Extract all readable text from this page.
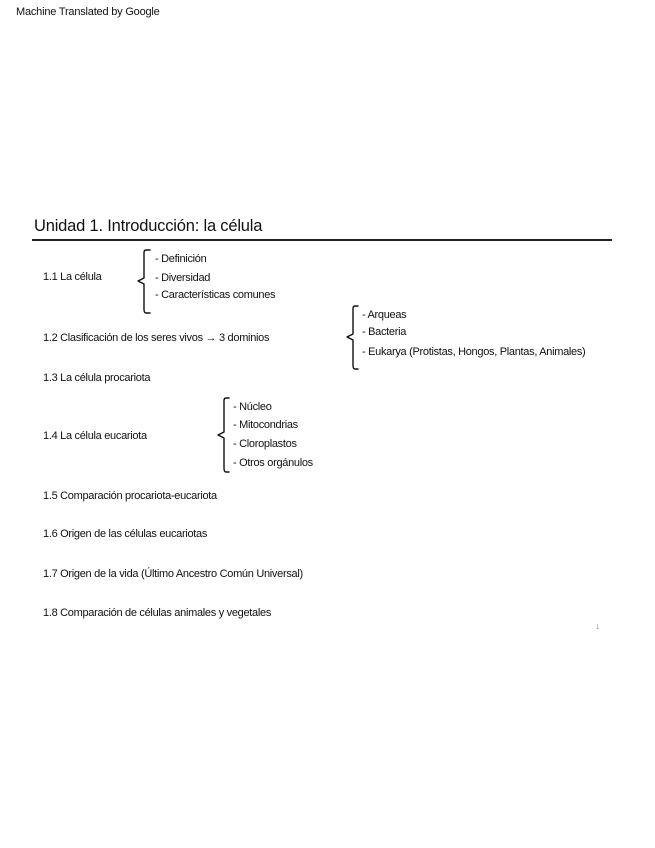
Machine Translated by Google
Unidad 1. Introducción: la célula
1.1 La célula
- Definición
- Diversidad
- Características comunes
1.2 Clasificación de los seres vivos → 3 dominios
- Arqueas
- Bacteria
- Eukarya (Protistas, Hongos, Plantas, Animales)
1.3 La célula procariota
1.4 La célula eucariota
- Núcleo
- Mitocondrias
- Cloroplastos
- Otros orgánulos
1.5 Comparación procariota-eucariota
1.6 Origen de las células eucariotas
1.7 Origen de la vida (Último Ancestro Común Universal)
1.8 Comparación de células animales y vegetales
1
